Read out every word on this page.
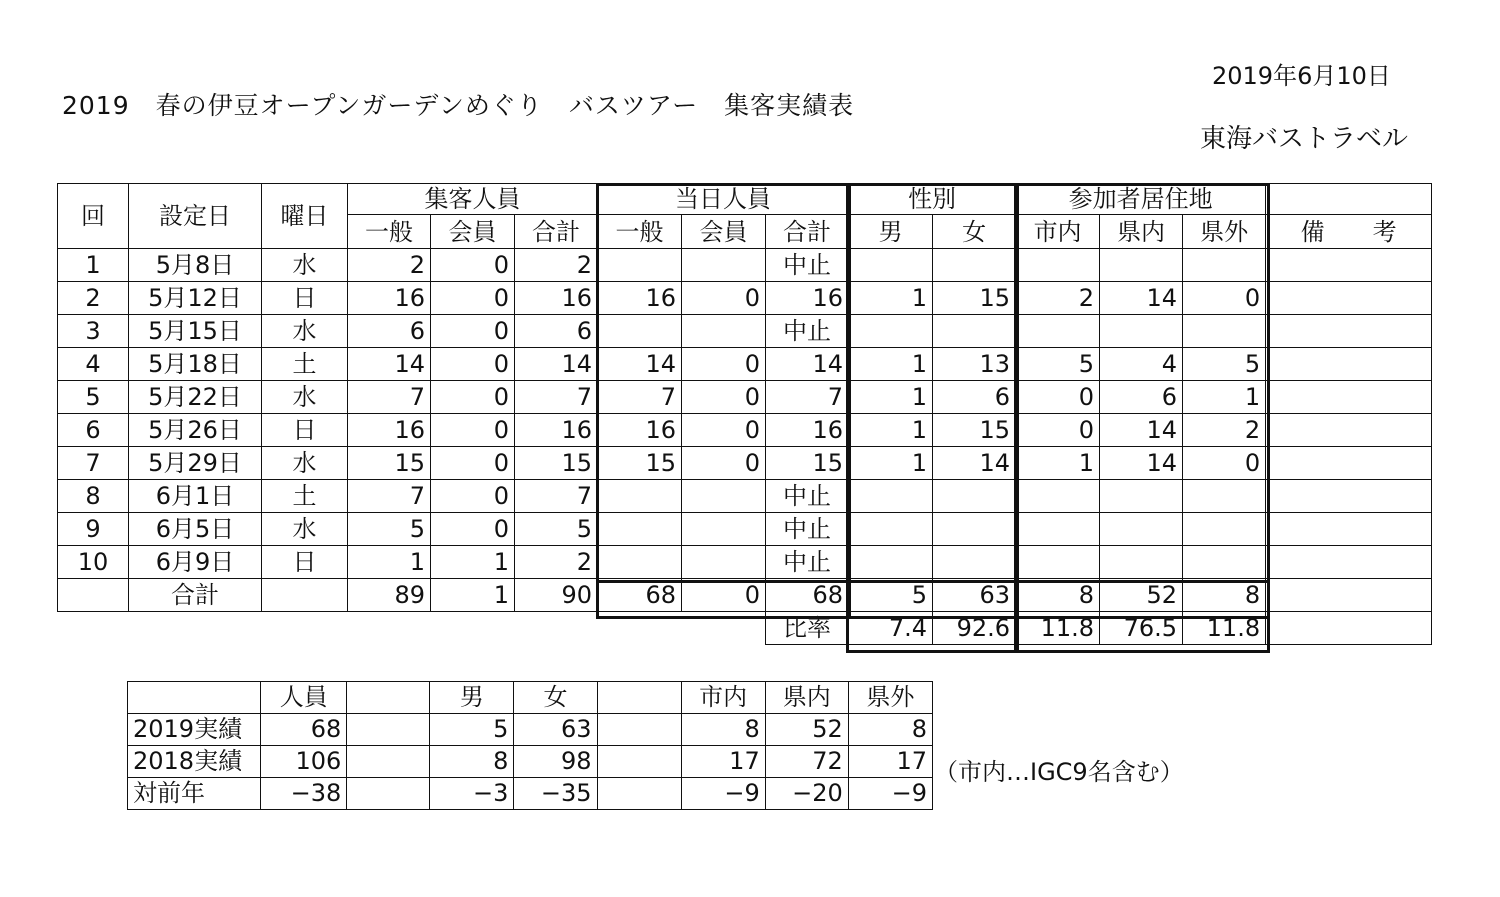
2019年6月10日
2019　春の伊豆オープンガーデンめぐり　バスツアー　集客実績表
東海バストラベル
回	設定日	曜日	集客人員			当日人員			性別		参加者居住地			
			一般	会員	合計	一般	会員	合計	男	女	市内	県内	県外	備　　考
1	5月8日	水	2	0	2			中止						
2	5月12日	日	16	0	16	16	0	16	1	15	2	14	0	
3	5月15日	水	6	0	6			中止						
4	5月18日	土	14	0	14	14	0	14	1	13	5	4	5	
5	5月22日	水	7	0	7	7	0	7	1	6	0	6	1	
6	5月26日	日	16	0	16	16	0	16	1	15	0	14	2	
7	5月29日	水	15	0	15	15	0	15	1	14	1	14	0	
8	6月1日	土	7	0	7			中止						
9	6月5日	水	5	0	5			中止						
10	6月9日	日	1	1	2			中止						
	合計		89	1	90	68	0	68	5	63	8	52	8	
								比率	7.4	92.6	11.8	76.5	11.8	
	人員		男	女		市内	県内	県外
2019実績	68		5	63		8	52	8
2018実績	106		8	98		17	72	17
対前年	−38		−3	−35		−9	−20	−9
（市内…IGC9名含む）
